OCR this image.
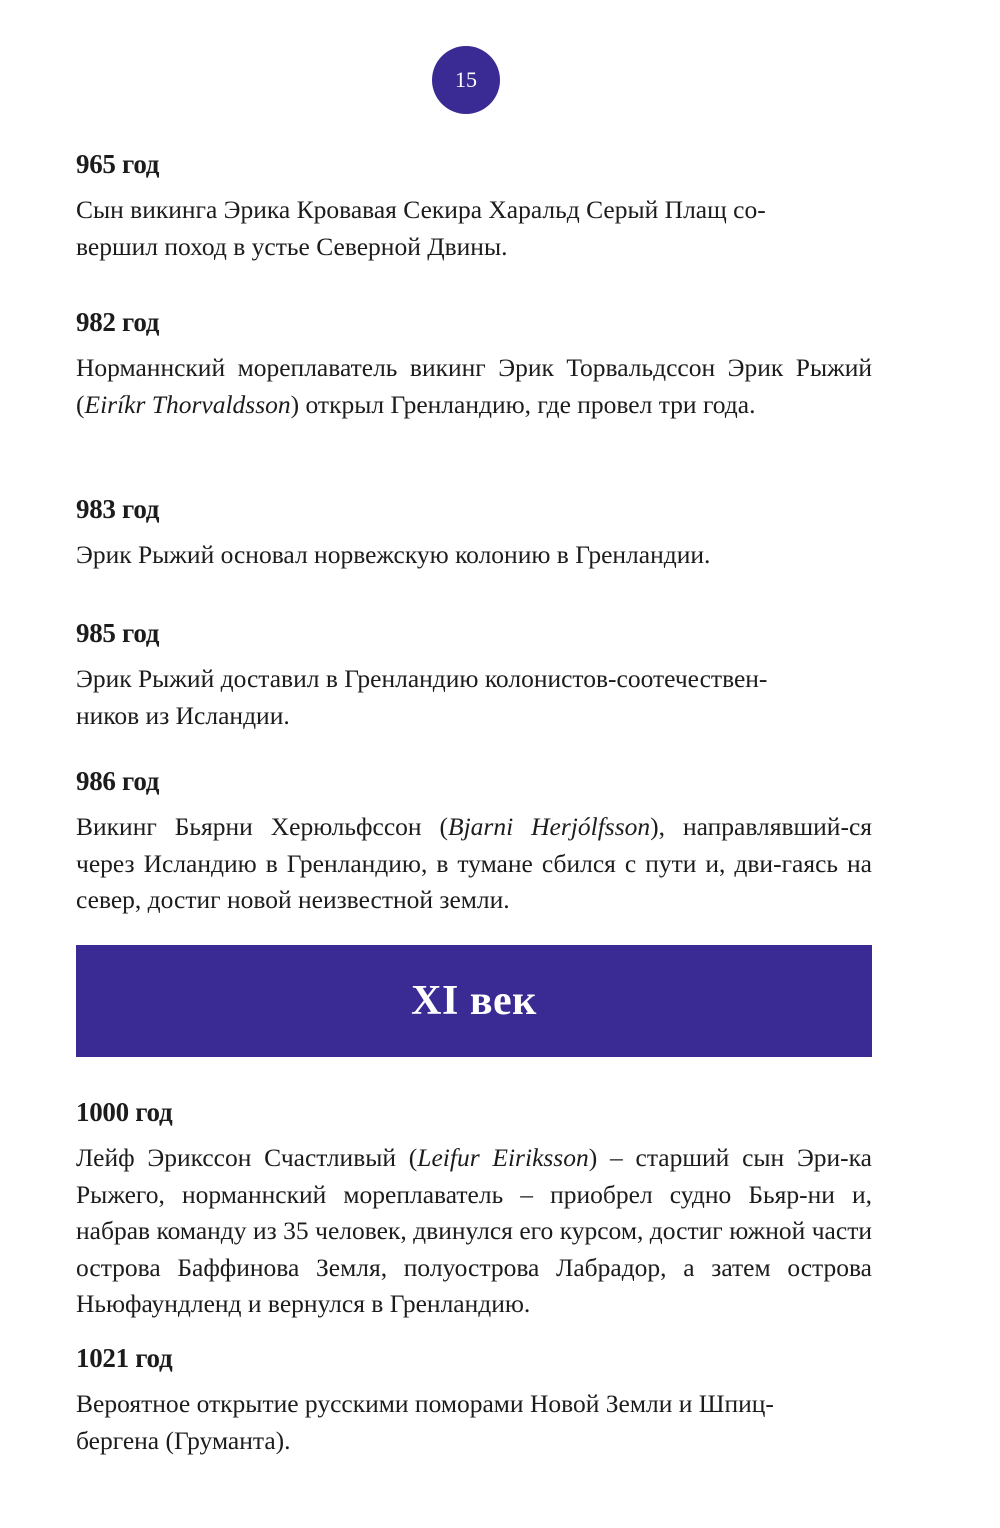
15
965 год

Сын викинга Эрика Кровавая Секира Харальд Серый Плащ со-
вершил поход в устье Северной Двины.

982 год

Норманнский мореплаватель викинг Эрик Торвальдссон Эрик Рыжий (Eiríkr Thorvaldsson) открыл Гренландию, где провел три года.

983 год

Эрик Рыжий основал норвежскую колонию в Гренландии.

985 год

Эрик Рыжий доставил в Гренландию колонистов-соотечествен-
ников из Исландии.

986 год

Викинг Бьярни Херюльфссон (Bjarni Herjólfsson), направлявший-ся через Исландию в Гренландию, в тумане сбился с пути и, дви-гаясь на север, достиг новой неизвестной земли.

XI век
1000 год

Лейф Эрикссон Счастливый (Leifur Eiriksson) – старший сын Эри-ка Рыжего, норманнский мореплаватель – приобрел судно Бьяр-ни и, набрав команду из 35 человек, двинулся его курсом, достиг южной части острова Баффинова Земля, полуострова Лабрадор, а затем острова Ньюфаундленд и вернулся в Гренландию.

1021 год

Вероятное открытие русскими поморами Новой Земли и Шпиц-
бергена (Груманта).
